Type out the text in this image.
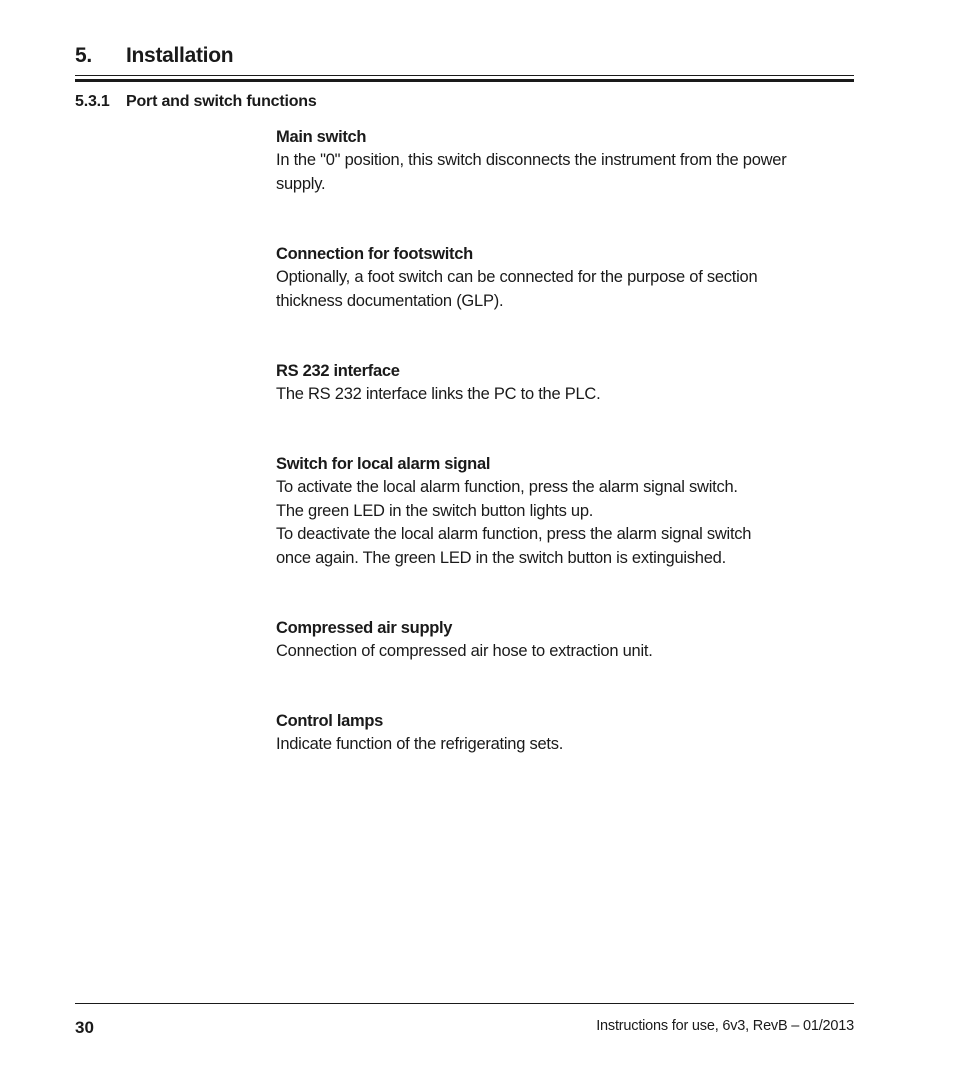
5. Installation
5.3.1 Port and switch functions
Main switch
In the "0" position, this switch disconnects the instrument from the power
supply.
Connection for footswitch
Optionally, a foot switch can be connected for the purpose of section
thickness documentation (GLP).
RS 232 interface
The RS 232 interface links the PC to the PLC.
Switch for local alarm signal
To activate the local alarm function, press the alarm signal switch.
The green LED in the switch button lights up.
To deactivate the local alarm function, press the alarm signal switch
once again. The green LED in the switch button is extinguished.
Compressed air supply
Connection of compressed air hose to extraction unit.
Control lamps
Indicate function of the refrigerating sets.
30	Instructions for use, 6v3, RevB – 01/2013
